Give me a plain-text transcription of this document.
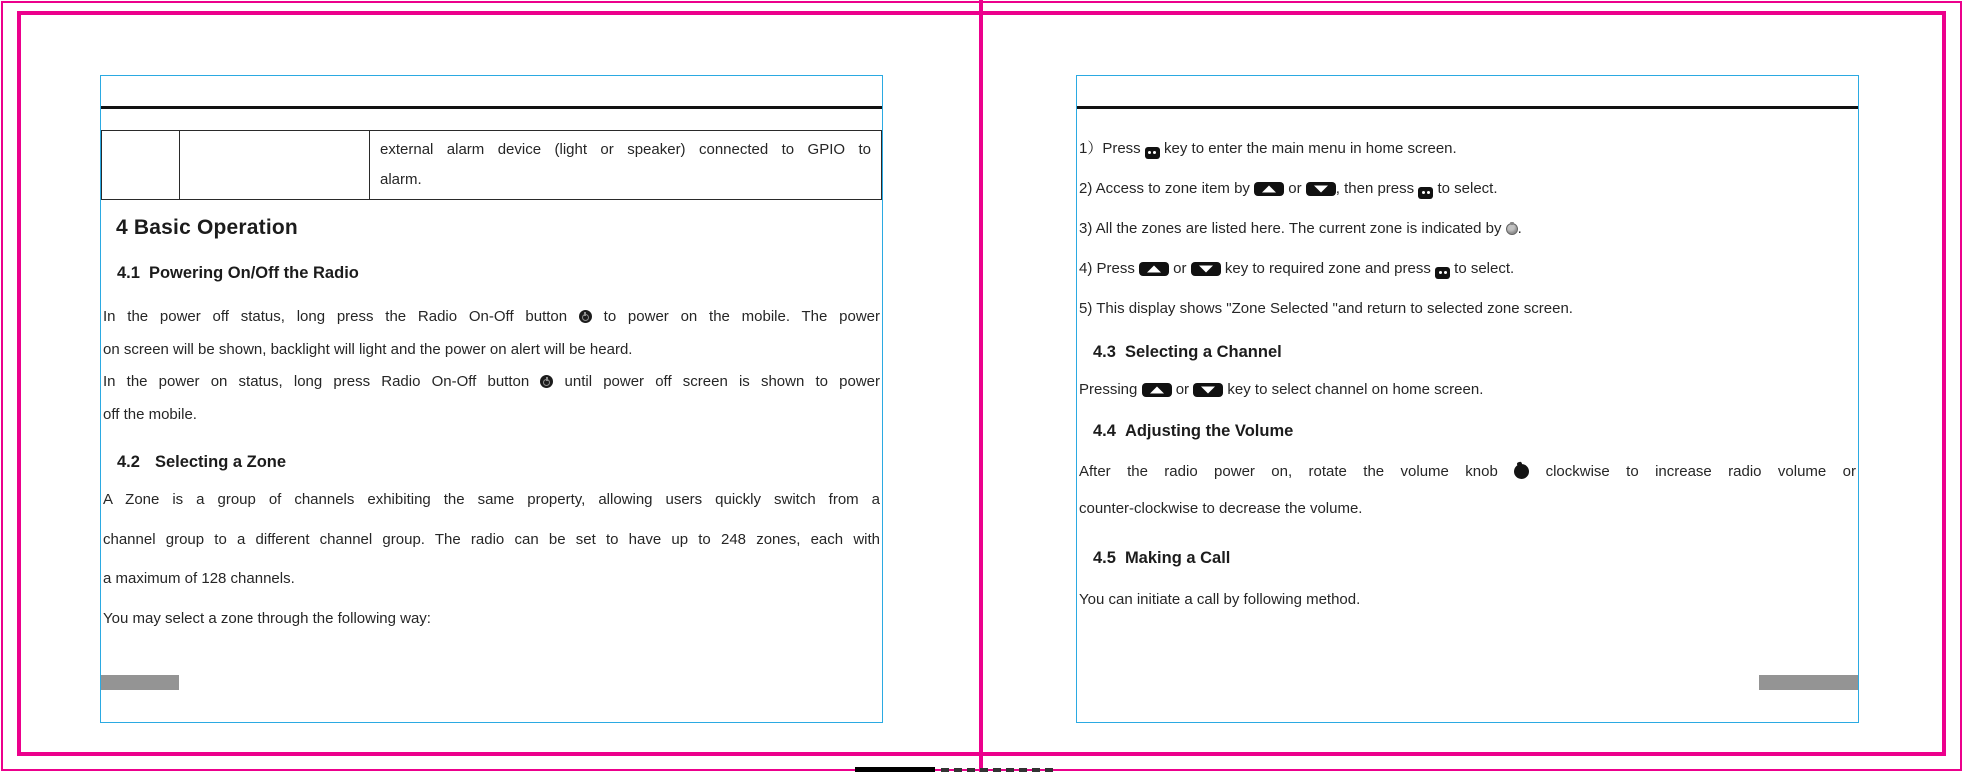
external alarm device (light or speaker) connected to GPIO to
alarm.
4 Basic Operation
4.1 Powering On/Off the Radio
In the power off status, long press the Radio On-Off button
to power on the mobile. The power
on screen will be shown, backlight will light and the power on alert will be heard.
In the power on status, long press Radio On-Off button
until power off screen is shown to power
off the mobile.
4.2 Selecting a Zone
A Zone is a group of channels exhibiting the same property, allowing users quickly switch from a
channel group to a different channel group. The radio can be set to have up to 248 zones, each with
a maximum of 128 channels.
You may select a zone through the following way:
1）Press
key to enter the main menu in home screen.
2) Access to zone item by
or
, then press
to select.
3) All the zones are listed here. The current zone is indicated by .
4) Press
or
key to required zone and press
to select.
5) This display shows "Zone Selected "and return to selected zone screen.
4.3 Selecting a Channel
Pressing
or
key to select channel on home screen.
4.4 Adjusting the Volume
After the radio power on, rotate the volume knob
clockwise to increase radio volume or
counter-clockwise to decrease the volume.
4.5 Making a Call
You can initiate a call by following method.
